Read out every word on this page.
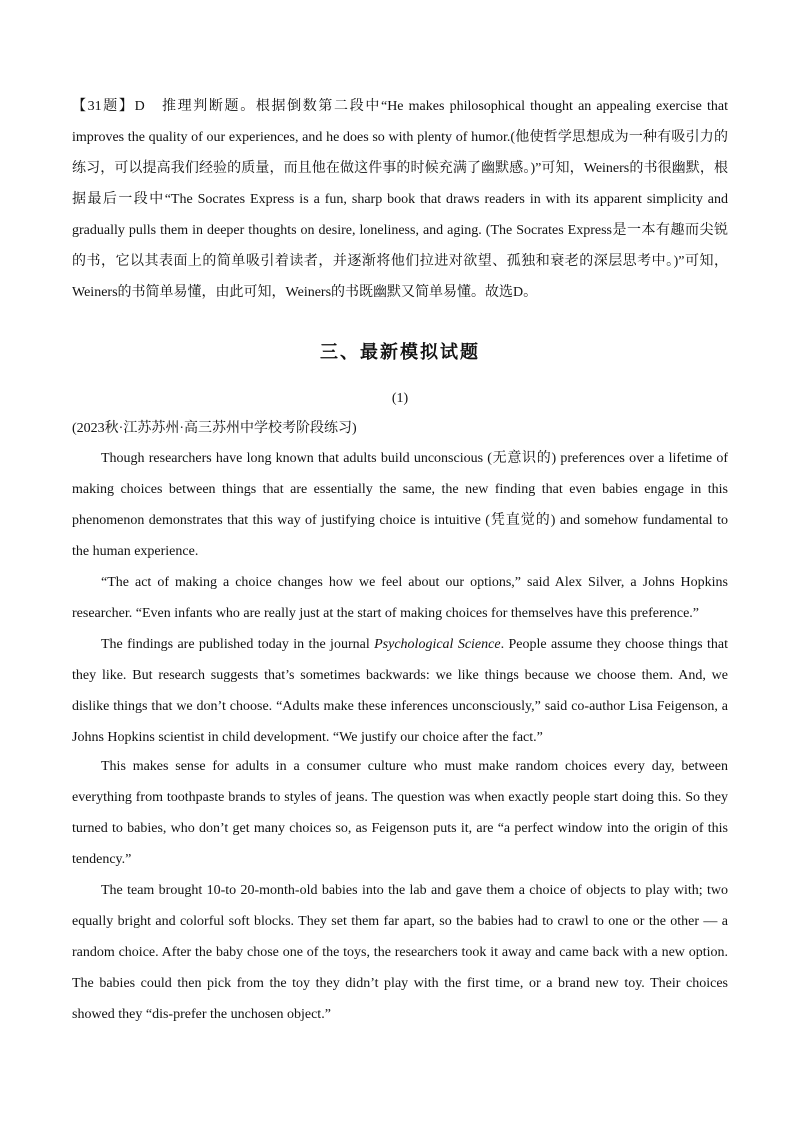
【31题】D　推理判断题。根据倒数第二段中“He makes philosophical thought an appealing exercise that improves the quality of our experiences, and he does so with plenty of humor.(他使哲学思想成为一种有吸引力的练习，可以提高我们经验的质量，而且他在做这件事的时候充满了幽默感。)”可知，Weiners的书很幽默，根据最后一段中“The Socrates Express is a fun, sharp book that draws readers in with its apparent simplicity and gradually pulls them in deeper thoughts on desire, loneliness, and aging. (The Socrates Express是一本有趣而尖锐的书，它以其表面上的简单吸引着读者，并逐渐将他们拉进对欲望、孤独和衰老的深层思考中。)”可知，Weiners的书简单易懂，由此可知，Weiners的书既幽默又简单易懂。故选D。

三、最新模拟试题

(1)

(2023秋·江苏苏州·高三苏州中学校考阶段练习)

Though researchers have long known that adults build unconscious (无意识的) preferences over a lifetime of making choices between things that are essentially the same, the new finding that even babies engage in this phenomenon demonstrates that this way of justifying choice is intuitive (凭直觉的) and somehow fundamental to the human experience.

“The act of making a choice changes how we feel about our options,” said Alex Silver, a Johns Hopkins researcher. “Even infants who are really just at the start of making choices for themselves have this preference.”

The findings are published today in the journal Psychological Science. People assume they choose things that they like. But research suggests that’s sometimes backwards: we like things because we choose them. And, we dislike things that we don’t choose. “Adults make these inferences unconsciously,” said co-author Lisa Feigenson, a Johns Hopkins scientist in child development. “We justify our choice after the fact.”

This makes sense for adults in a consumer culture who must make random choices every day, between everything from toothpaste brands to styles of jeans. The question was when exactly people start doing this. So they turned to babies, who don’t get many choices so, as Feigenson puts it, are “a perfect window into the origin of this tendency.”

The team brought 10-to 20-month-old babies into the lab and gave them a choice of objects to play with; two equally bright and colorful soft blocks. They set them far apart, so the babies had to crawl to one or the other — a random choice. After the baby chose one of the toys, the researchers took it away and came back with a new option. The babies could then pick from the toy they didn’t play with the first time, or a brand new toy. Their choices showed they “dis-prefer the unchosen object.”
